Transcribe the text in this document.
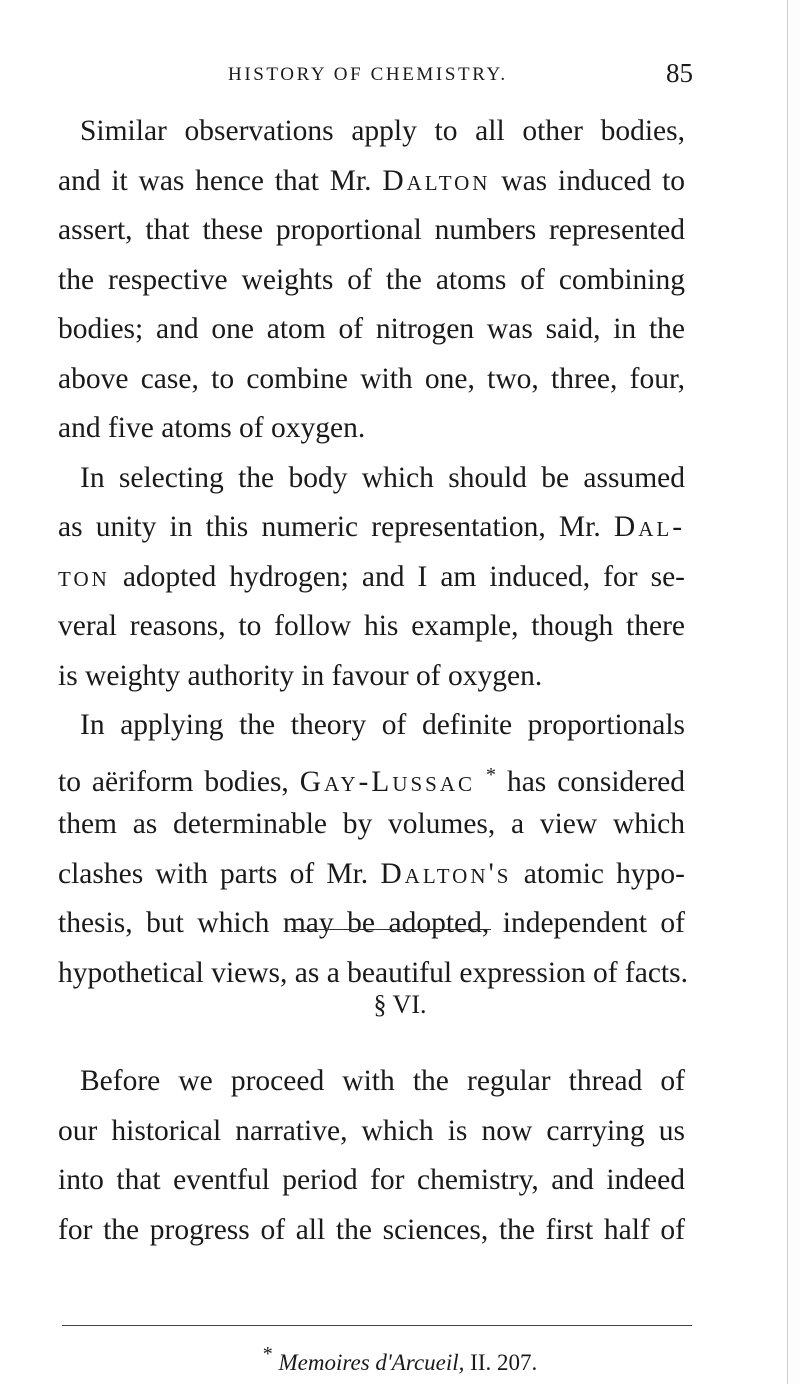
HISTORY OF CHEMISTRY.	85
Similar observations apply to all other bodies,
and it was hence that Mr. Dalton was induced to
assert, that these proportional numbers represented
the respective weights of the atoms of combining
bodies; and one atom of nitrogen was said, in the
above case, to combine with one, two, three, four,
and five atoms of oxygen.
In selecting the body which should be assumed
as unity in this numeric representation, Mr. Dal-
ton adopted hydrogen; and I am induced, for se-
veral reasons, to follow his example, though there
is weighty authority in favour of oxygen.
In applying the theory of definite proportionals
to aëriform bodies, Gay-Lussac * has considered
them as determinable by volumes, a view which
clashes with parts of Mr. Dalton's atomic hypo-
thesis, but which may be adopted, independent of
hypothetical views, as a beautiful expression of facts.
§ VI.
Before we proceed with the regular thread of
our historical narrative, which is now carrying us
into that eventful period for chemistry, and indeed
for the progress of all the sciences, the first half of
* Memoires d'Arcueil, II. 207.
